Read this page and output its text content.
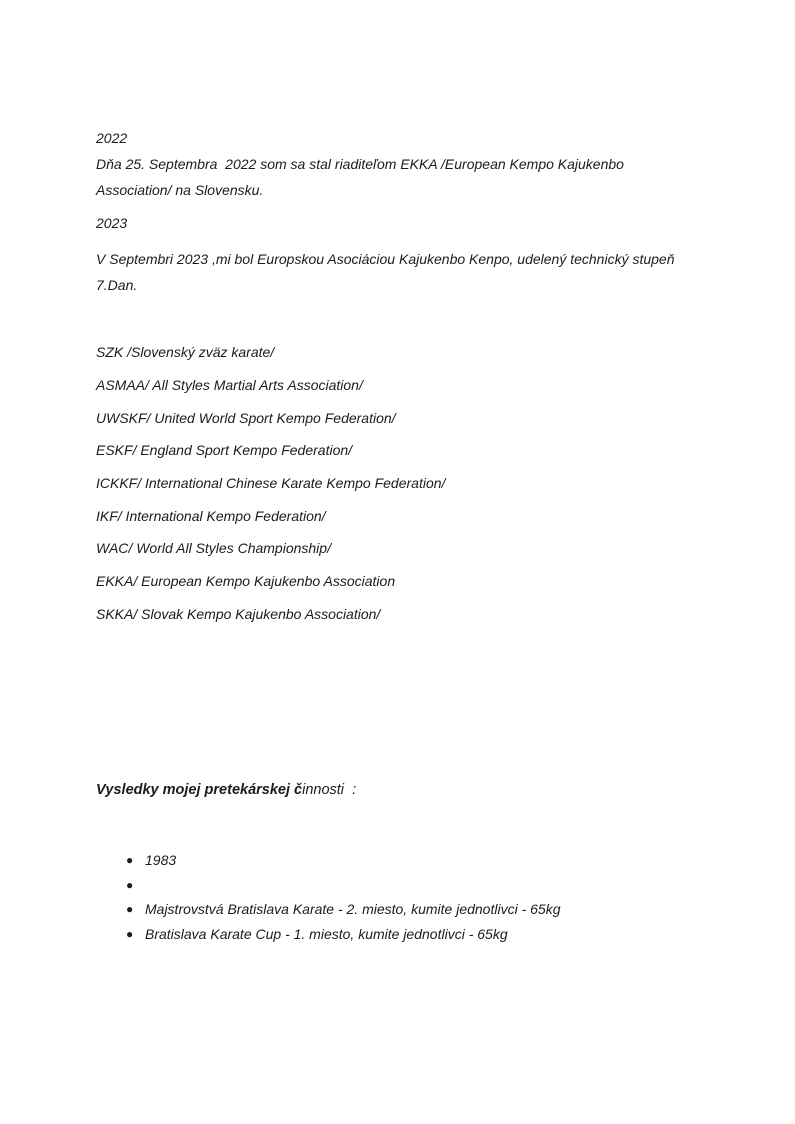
2022
Dňa 25. Septembra  2022 som sa stal riaditeľom EKKA /European Kempo Kajukenbo
Association/ na Slovensku.
2023
V Septembri 2023 ,mi bol Europskou Asociáciou Kajukenbo Kenpo, udelený technický stupeň
7.Dan.
SZK /Slovenský zväz karate/
ASMAA/ All Styles Martial Arts Association/
UWSKF/ United World Sport Kempo Federation/
ESKF/ England Sport Kempo Federation/
ICKKF/ International Chinese Karate Kempo Federation/
IKF/ International Kempo Federation/
WAC/ World All Styles Championship/
EKKA/ European Kempo Kajukenbo Association
SKKA/ Slovak Kempo Kajukenbo Association/
Vysledky mojej pretekárskej činnosti  :
● 1983
●
● Majstrovstvá Bratislava Karate - 2. miesto, kumite jednotlivci - 65kg
● Bratislava Karate Cup - 1. miesto, kumite jednotlivci - 65kg
